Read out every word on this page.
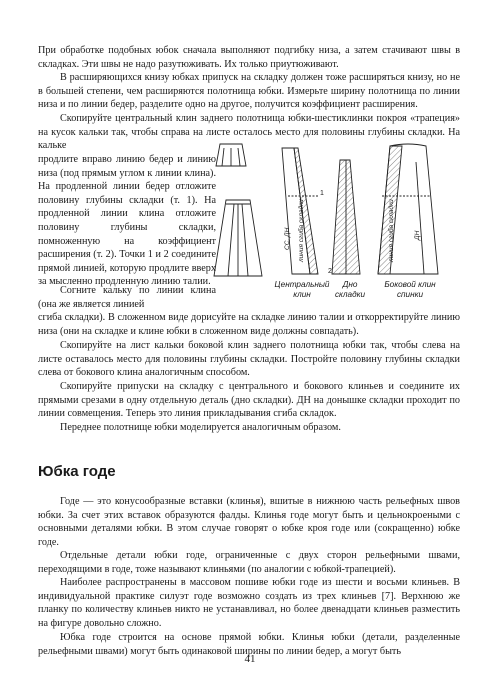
При обработке подобных юбок сначала выполняют подгибку низа, а затем стачивают швы в складках. Эти швы не надо разутюживать. Их только приутюживают.

В расширяющихся книзу юбках припуск на складку должен тоже расширяться книзу, но не в большей степени, чем расширяются полотнища юбки. Измерьте ширину полотнища по линии низа и по линии бедер, разделите одно на другое, получится коэффициент расширения.

Скопируйте центральный клин заднего полотнища юбки-шестиклинки покроя «трапеция» на кусок кальки так, чтобы справа на листе осталось место для половины глубины складки. На кальке

продлите вправо линию бедер и линию низа (под прямым углом к линии клина). На продленной линии бедер отложите половину глубины складки (т. 1). На продленной линии клина отложите половину глубины складки, помноженную на коэффициент расширения (т. 2). Точки 1 и 2 соедините прямой линией, которую продлите вверх за мысленно продленную линию талии.

Согните кальку по линии клина (она же является линией

сгиба складки). В сложенном виде дорисуйте на складке линию талии и откорректируйте линию низа (они на складке и клине юбки в сложенном виде должны совпадать).

Скопируйте на лист кальки боковой клин заднего полотнища юбки так, чтобы слева на листе оставалось место для половины глубины складки. Постройте половину глубины складки слева от бокового клина аналогичным способом.

Скопируйте припуски на складку с центрального и бокового клиньев и соедините их прямыми срезами в одну отдельную деталь (дно складки). ДН на донышке складки проходит по линии совмещения. Теперь это линия прикладывания сгиба складок.

Переднее полотнище юбки моделируется аналогичным образом.

Юбка годе

Годе — это конусообразные вставки (клинья), вшитые в нижнюю часть рельефных швов юбки. За счет этих вставок образуются фалды. Клинья годе могут быть и цельнокроеными с основными деталями юбки. В этом случае говорят о юбке кроя годе или (сокращенно) юбке годе.

Отдельные детали юбки годе, ограниченные с двух сторон рельефными швами, переходящими в годе, тоже называют клиньями (по аналогии с юбкой-трапецией).

Наиболее распространены в массовом пошиве юбки годе из шести и восьми клиньев. В индивидуальной практике силуэт годе возможно создать из трех клиньев [7]. Верхнюю же планку по количеству клиньев никто не устанавливал, но более двенадцати клиньев разместить на фигуре довольно сложно.

Юбка годе строится на основе прямой юбки. Клинья юбки (детали, разделенные рельефными швами) могут быть одинаковой ширины по линии бедер, а могут быть

СС, ДН линия сгиба складки	линия сгиба складки	ДН
1
2
Центральный клин
Дно складки
Боковой клин спинки
41
